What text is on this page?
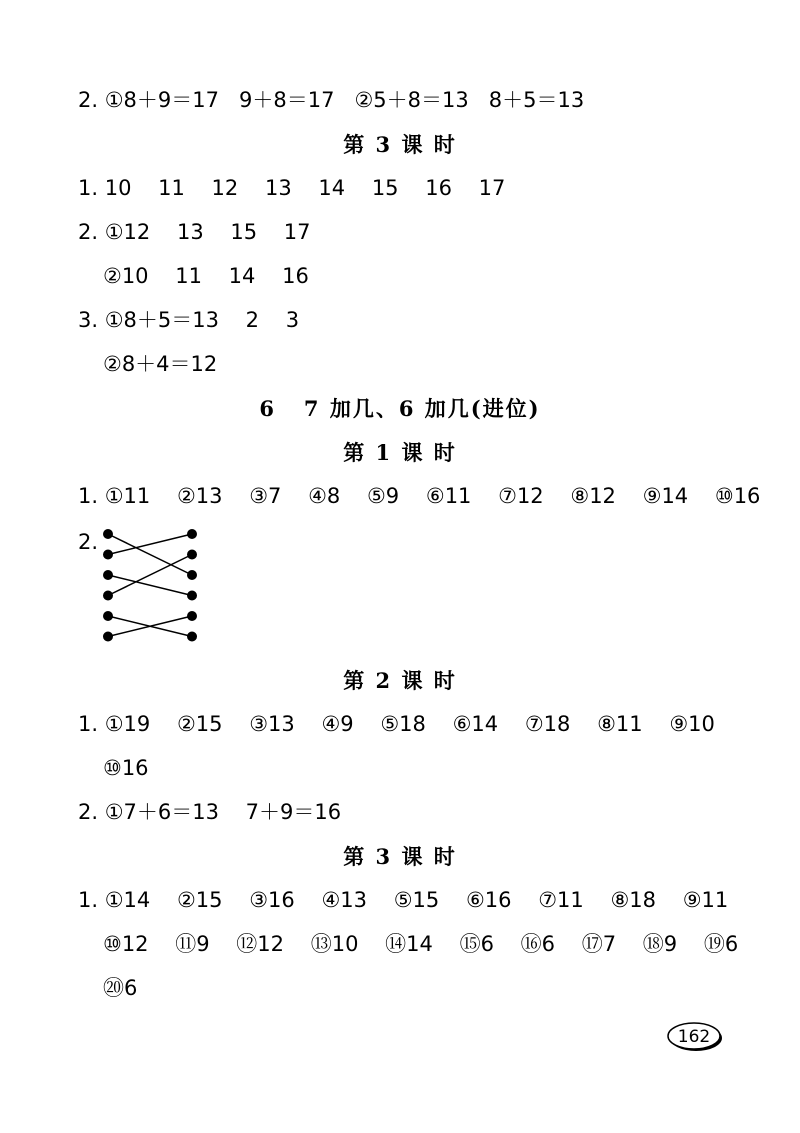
2. ①8＋9＝17   9＋8＝17   ②5＋8＝13   8＋5＝13
第 3 课 时
1. 10    11    12    13    14    15    16    17
2. ①12    13    15    17
②10    11    14    16
3. ①8＋5＝13    2    3
②8＋4＝12
6   7 加几、6 加几(进位)
第 1 课 时
1. ①11    ②13    ③7    ④8    ⑤9    ⑥11    ⑦12    ⑧12    ⑨14    ⑩16
2.
第 2 课 时
1. ①19    ②15    ③13    ④9    ⑤18    ⑥14    ⑦18    ⑧11    ⑨10
⑩16
2. ①7＋6＝13    7＋9＝16
第 3 课 时
1. ①14    ②15    ③16    ④13    ⑤15    ⑥16    ⑦11    ⑧18    ⑨11
⑩12    ⑪9    ⑫12    ⑬10    ⑭14    ⑮6    ⑯6    ⑰7    ⑱9    ⑲6
⑳6
162
